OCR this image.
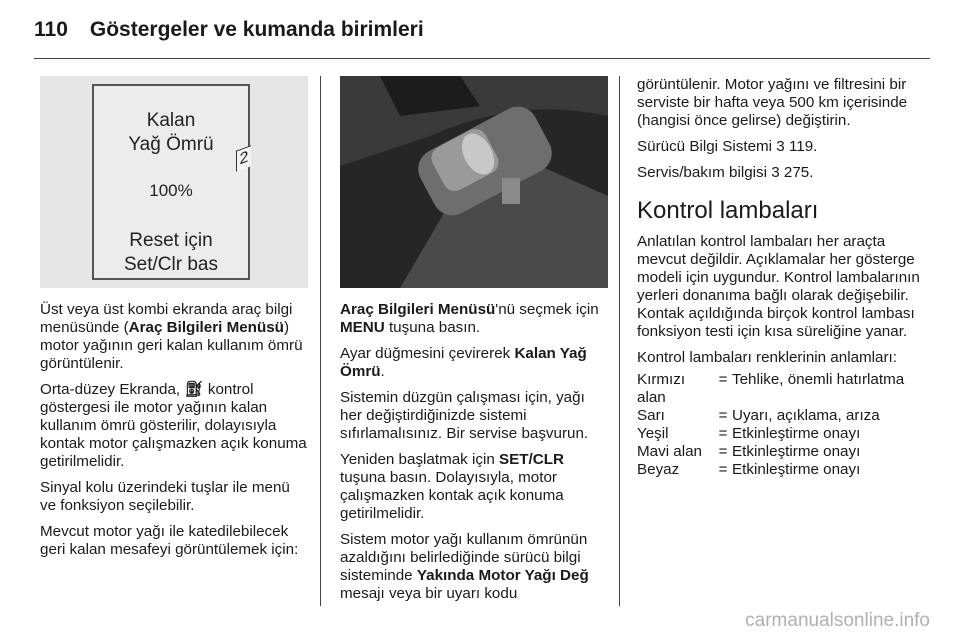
110 Göstergeler ve kumanda birimleri
Kalan
Yağ Ömrü
100%
Reset için
Set/Clr bas
2

Üst veya üst kombi ekranda araç bilgi menüsünde (Araç Bilgileri Menüsü) motor yağının geri kalan kullanım ömrü görüntülenir.

Orta-düzey Ekranda, ⛽︎ kontrol göstergesi ile motor yağının kalan kullanım ömrü gösterilir, dolayısıyla kontak motor çalışmazken açık konuma getirilmelidir.

Sinyal kolu üzerindeki tuşlar ile menü ve fonksiyon seçilebilir.

Mevcut motor yağı ile katedilebilecek geri kalan mesafeyi görüntülemek için:

Araç Bilgileri Menüsü'nü seçmek için MENU tuşuna basın.

Ayar düğmesini çevirerek Kalan Yağ Ömrü.

Sistemin düzgün çalışması için, yağı her değiştirdiğinizde sistemi sıfırlamalısınız. Bir servise başvurun.

Yeniden başlatmak için SET/CLR tuşuna basın. Dolayısıyla, motor çalışmazken kontak açık konuma getirilmelidir.

Sistem motor yağı kullanım ömrünün azaldığını belirlediğinde sürücü bilgi sisteminde Yakında Motor Yağı Değ mesajı veya bir uyarı kodu

görüntülenir. Motor yağını ve filtresini bir serviste bir hafta veya 500 km içerisinde (hangisi önce gelirse) değiştirin.

Sürücü Bilgi Sistemi 3 119.

Servis/bakım bilgisi 3 275.

Kontrol lambaları

Anlatılan kontrol lambaları her araçta mevcut değildir. Açıklamalar her gösterge modeli için uygundur. Kontrol lambalarının yerleri donanıma bağlı olarak değişebilir. Kontak açıldığında birçok kontrol lambası fonksiyon testi için kısa süreliğine yanar.

Kontrol lambaları renklerinin anlamları:

Kırmızı alan	=	Tehlike, önemli hatırlatma
Sarı	=	Uyarı, açıklama, arıza
Yeşil	=	Etkinleştirme onayı
Mavi alan	=	Etkinleştirme onayı
Beyaz	=	Etkinleştirme onayı
carmanualsonline.info
